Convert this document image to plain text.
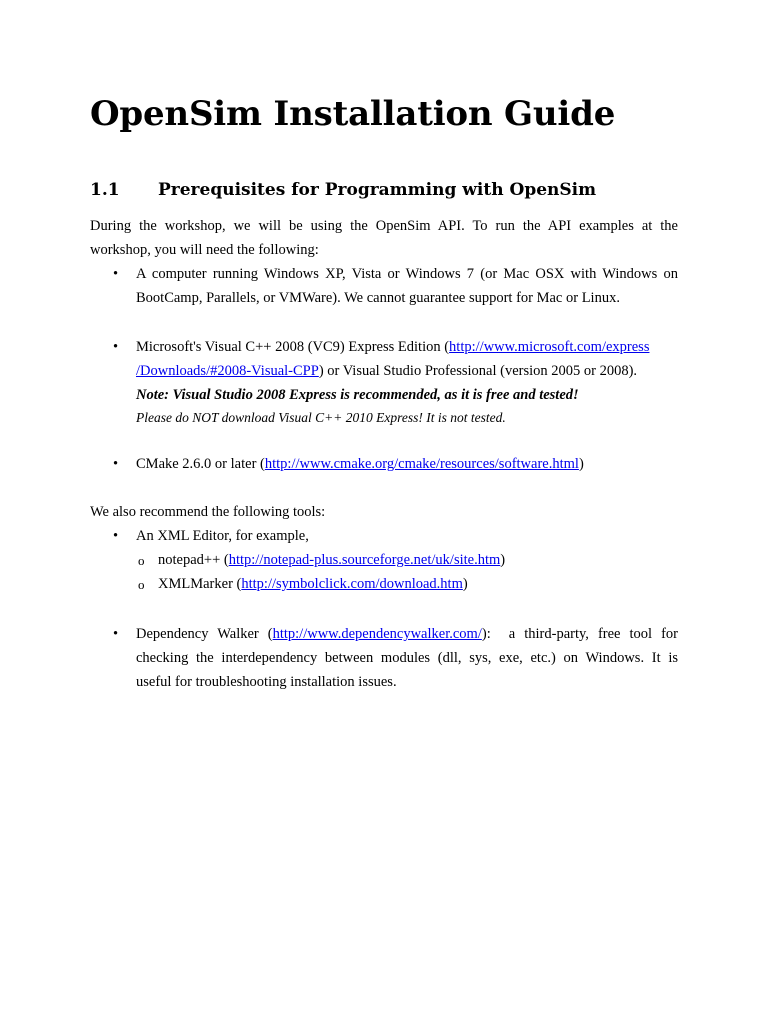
OpenSim Installation Guide
1.1 Prerequisites for Programming with OpenSim
During the workshop, we will be using the OpenSim API. To run the API examples at the
workshop, you will need the following:
•	A computer running Windows XP, Vista or Windows 7 (or Mac OSX with Windows on
BootCamp, Parallels, or VMWare). We cannot guarantee support for Mac or Linux.
•	Microsoft's Visual C++ 2008 (VC9) Express Edition (http://www.microsoft.com/express
/Downloads/#2008-Visual-CPP) or Visual Studio Professional (version 2005 or 2008).
Note: Visual Studio 2008 Express is recommended, as it is free and tested!
Please do NOT download Visual C++ 2010 Express! It is not tested.
•	CMake 2.6.0 or later (http://www.cmake.org/cmake/resources/software.html)
We also recommend the following tools:
•	An XML Editor, for example,
o notepad++ (http://notepad-plus.sourceforge.net/uk/site.htm)
o XMLMarker (http://symbolclick.com/download.htm)
•	Dependency Walker (http://www.dependencywalker.com/):  a third-party, free tool for
checking the interdependency between modules (dll, sys, exe, etc.) on Windows. It is
useful for troubleshooting installation issues.
